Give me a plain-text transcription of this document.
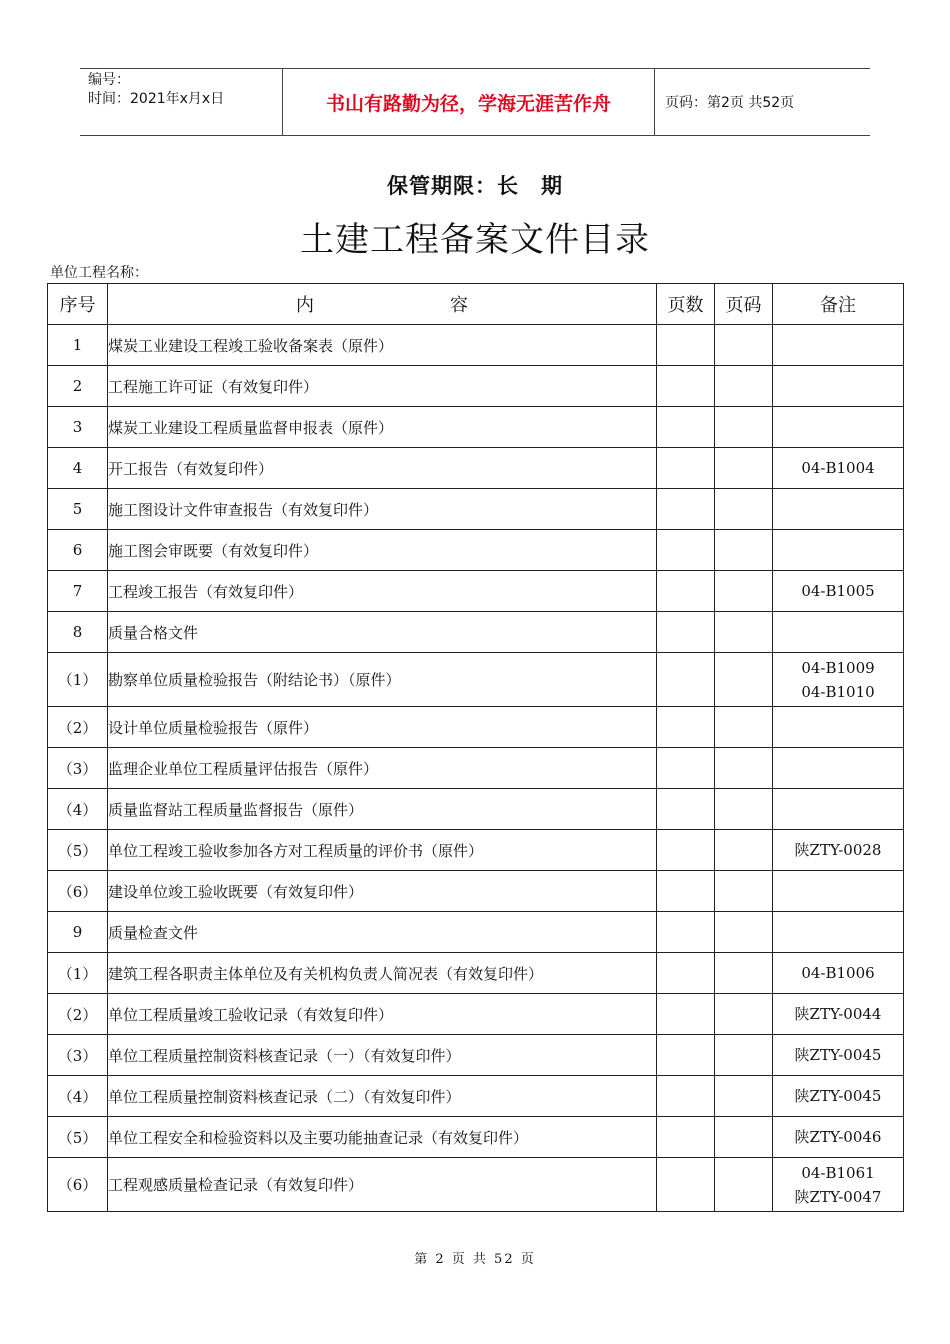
编号：
时间：2021年x月x日	书山有路勤为径，学海无涯苦作舟	页码：第2页 共52页
保管期限：长　期
土建工程备案文件目录
单位工程名称：
序号	内 容	页数	页码	备注
1	煤炭工业建设工程竣工验收备案表（原件）			

2	工程施工许可证（有效复印件）			

3	煤炭工业建设工程质量监督申报表（原件）			

4	开工报告（有效复印件）			04-B1004

5	施工图设计文件审查报告（有效复印件）			

6	施工图会审既要（有效复印件）			

7	工程竣工报告（有效复印件）			04-B1005

8	质量合格文件			

（1）	勘察单位质量检验报告（附结论书）（原件）			04-B1009
04-B1010

（2）	设计单位质量检验报告（原件）			

（3）	监理企业单位工程质量评估报告（原件）			

（4）	质量监督站工程质量监督报告（原件）			

（5）	单位工程竣工验收参加各方对工程质量的评价书（原件）			陕ZTY-0028

（6）	建设单位竣工验收既要（有效复印件）			

9	质量检查文件			

（1）	建筑工程各职责主体单位及有关机构负责人简况表（有效复印件）			04-B1006

（2）	单位工程质量竣工验收记录（有效复印件）			陕ZTY-0044

（3）	单位工程质量控制资料核查记录（一）（有效复印件）			陕ZTY-0045

（4）	单位工程质量控制资料核查记录（二）（有效复印件）			陕ZTY-0045

（5）	单位工程安全和检验资料以及主要功能抽查记录（有效复印件）			陕ZTY-0046

（6）	工程观感质量检查记录（有效复印件）			04-B1061
陕ZTY-0047
第 2 页 共 52 页
